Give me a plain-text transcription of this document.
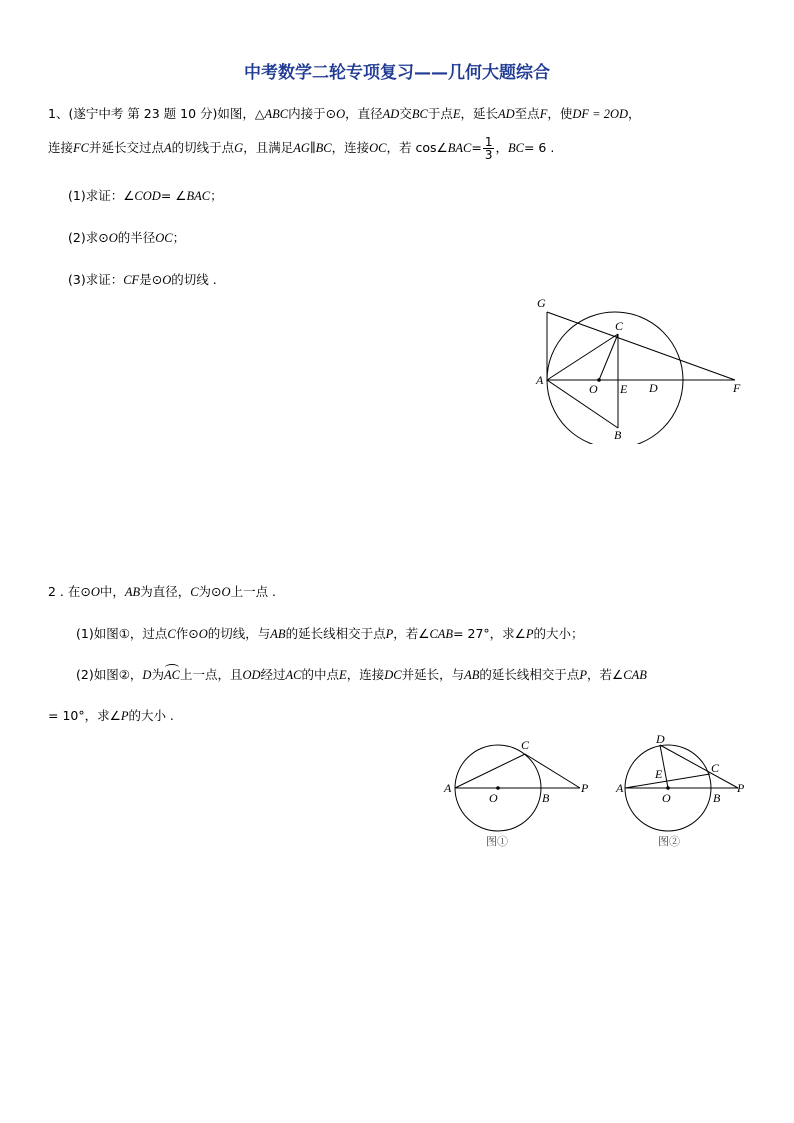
中考数学二轮专项复习——几何大题综合
1、(遂宁中考 第 23 题 10 分)如图，△ABC内接于⊙O，直径AD交BC于点E，延长AD至点F，使DF = 2OD，
连接FC并延长交过点A的切线于点G，且满足AG∥BC，连接OC，若 cos∠BAC= $\frac{1}{3}$ ，BC= 6 .
(1)求证：∠COD= ∠BAC；
(2)求⊙O的半径OC；
(3)求证：CF是⊙O的切线 .
G
C
A
O E D	F
B
2 . 在⊙O中，AB为直径，C为⊙O上一点 .
(1)如图①，过点C作⊙O的切线，与AB的延长线相交于点P，若∠CAB= 27°，求∠P的大小；
(2)如图②，D为AC上一点，且OD经过AC的中点E，连接DC并延长，与AB的延长线相交于点P，若∠CAB
= 10°，求∠P的大小 .
A
O	B
C
P
图①
D
E	C
A
O	B
P
图②
